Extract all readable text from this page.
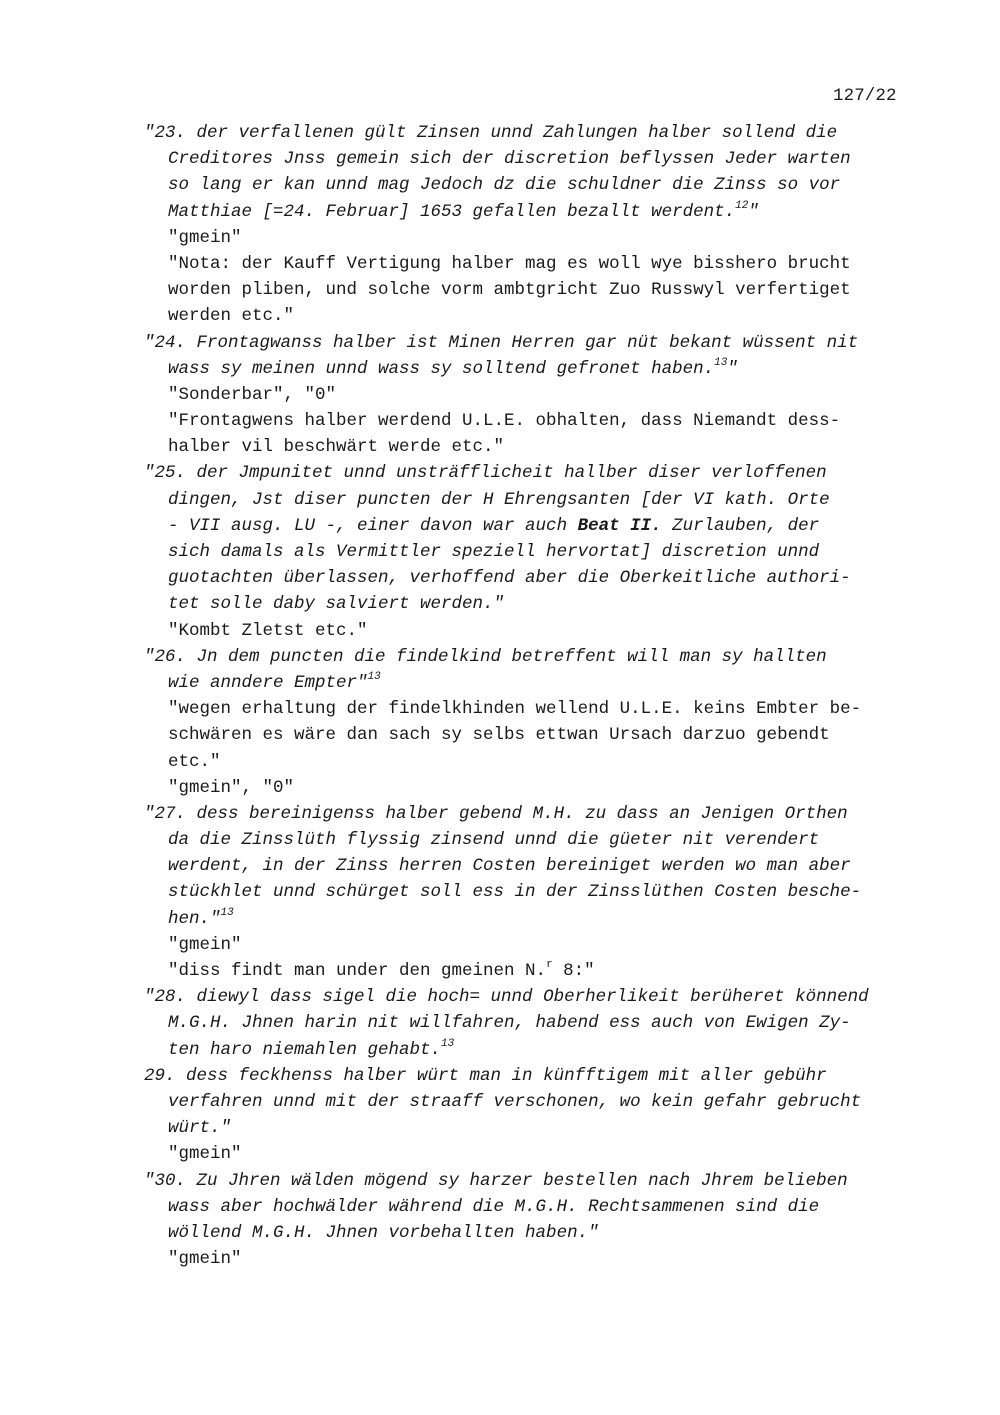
127/22
"23. der verfallenen gült Zinsen unnd Zahlungen halber sollend die
Creditores Jnss gemein sich der discretion beflyssen Jeder warten
so lang er kan unnd mag Jedoch dz die schuldner die Zinss so vor
Matthiae [=24. Februar] 1653 gefallen bezallt werdent.$^{12}$"
"gmein"
"Nota: der Kauff Vertigung halber mag es woll wye bisshero brucht
worden pliben, und solche vorm ambtgricht Zuo Russwyl verfertiget
werden etc."
"24. Frontagwanss halber ist Minen Herren gar nüt bekant wüssent nit
wass sy meinen unnd wass sy solltend gefronet haben.$^{13}$"
"Sonderbar", "0"
"Frontagwens halber werdend U.L.E. obhalten, dass Niemandt dess-
halber vil beschwärt werde etc."
"25. der Jmpunitet unnd unsträfflicheit hallber diser verloffenen
dingen, Jst diser puncten der H Ehrengsanten [der VI kath. Orte
- VII ausg. LU -, einer davon war auch Beat II. Zurlauben, der
sich damals als Vermittler speziell hervortat] discretion unnd
guotachten überlassen, verhoffend aber die Oberkeitliche authori-
tet solle daby salviert werden."
"Kombt Zletst etc."
"26. Jn dem puncten die findelkind betreffent will man sy hallten
wie anndere Empter"$^{13}$
"wegen erhaltung der findelkhinden wellend U.L.E. keins Embter be-
schwären es wäre dan sach sy selbs ettwan Ursach darzuo gebendt
etc."
"gmein", "0"
"27. dess bereinigenss halber gebend M.H. zu dass an Jenigen Orthen
da die Zinsslüth flyssig zinsend unnd die güeter nit verendert
werdent, in der Zinss herren Costen bereiniget werden wo man aber
stückhlet unnd schürget soll ess in der Zinsslüthen Costen besche-
hen."$^{13}$
"gmein"
"diss findt man under den gmeinen N.$^r$ 8:"
"28. diewyl dass sigel die hoch= unnd Oberherlikeit berüheret könnend
M.G.H. Jhnen harin nit willfahren, habend ess auch von Ewigen Zy-
ten haro niemahlen gehabt.$^{13}$
29. dess feckhenss halber würt man in künfftigem mit aller gebühr
verfahren unnd mit der straaff verschonen, wo kein gefahr gebrucht
würt."
"gmein"
"30. Zu Jhren wälden mögend sy harzer bestellen nach Jhrem belieben
wass aber hochwälder während die M.G.H. Rechtsammenen sind die
wöllend M.G.H. Jhnen vorbehallten haben."
"gmein"
